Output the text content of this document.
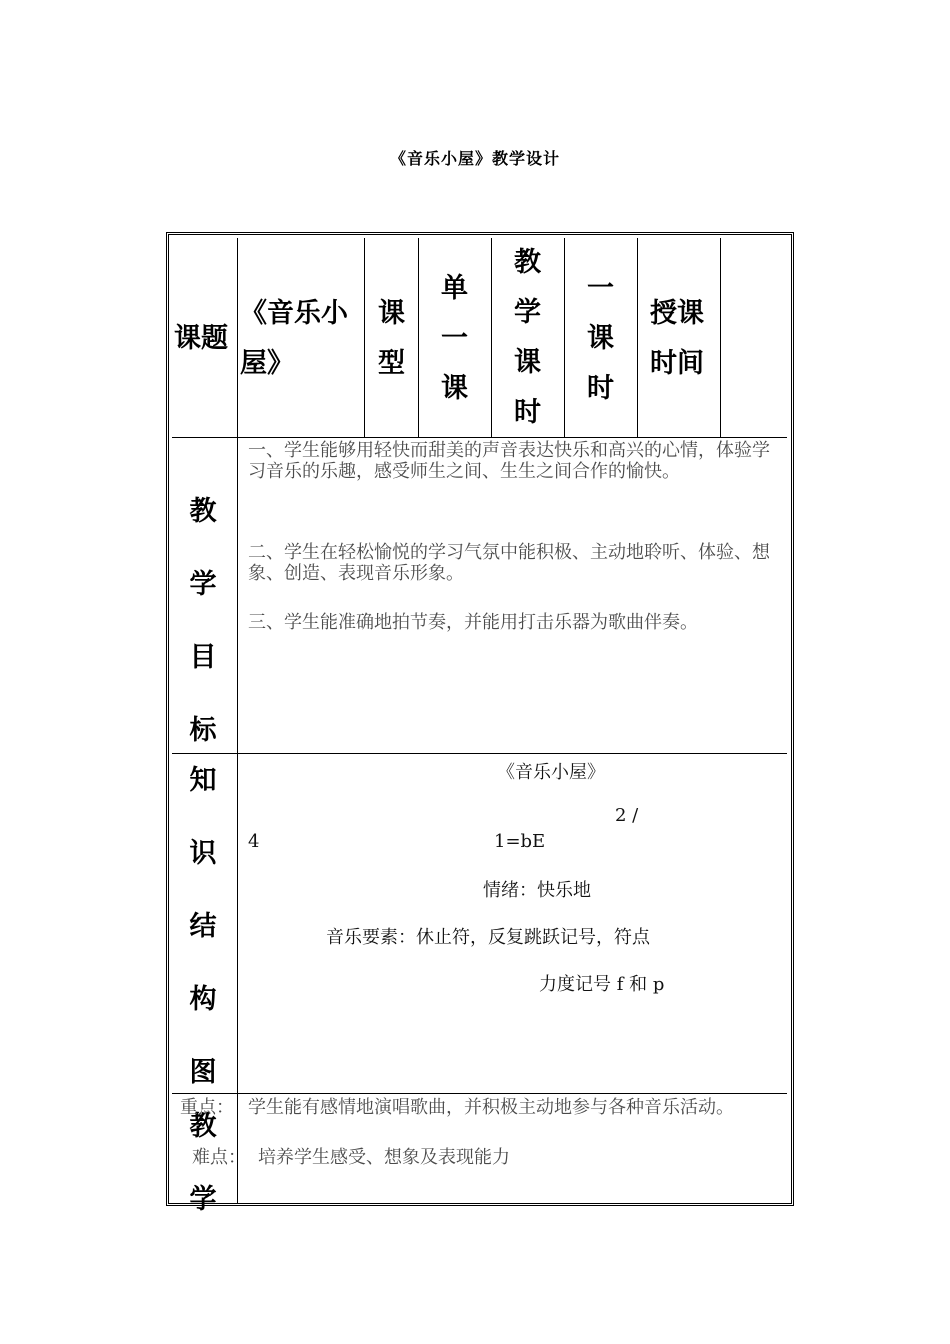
《音乐小屋》教学设计
课题
《音乐小屋》
课型
单一课
教学课时
一课时
授课时间
教学目标
一、学生能够用轻快而甜美的声音表达快乐和高兴的心情，体验学习音乐的乐趣，感受师生之间、生生之间合作的愉快。
二、学生在轻松愉悦的学习气氛中能积极、主动地聆听、体验、想象、创造、表现音乐形象。
三、学生能准确地拍节奏，并能用打击乐器为歌曲伴奏。
知识结构图
《音乐小屋》
2 /
4	1=bE
情绪：快乐地
音乐要素：休止符，反复跳跃记号，符点
力度记号 f 和 p
教学
重点： 学生能有感情地演唱歌曲，并积极主动地参与各种音乐活动。
难点： 培养学生感受、想象及表现能力
